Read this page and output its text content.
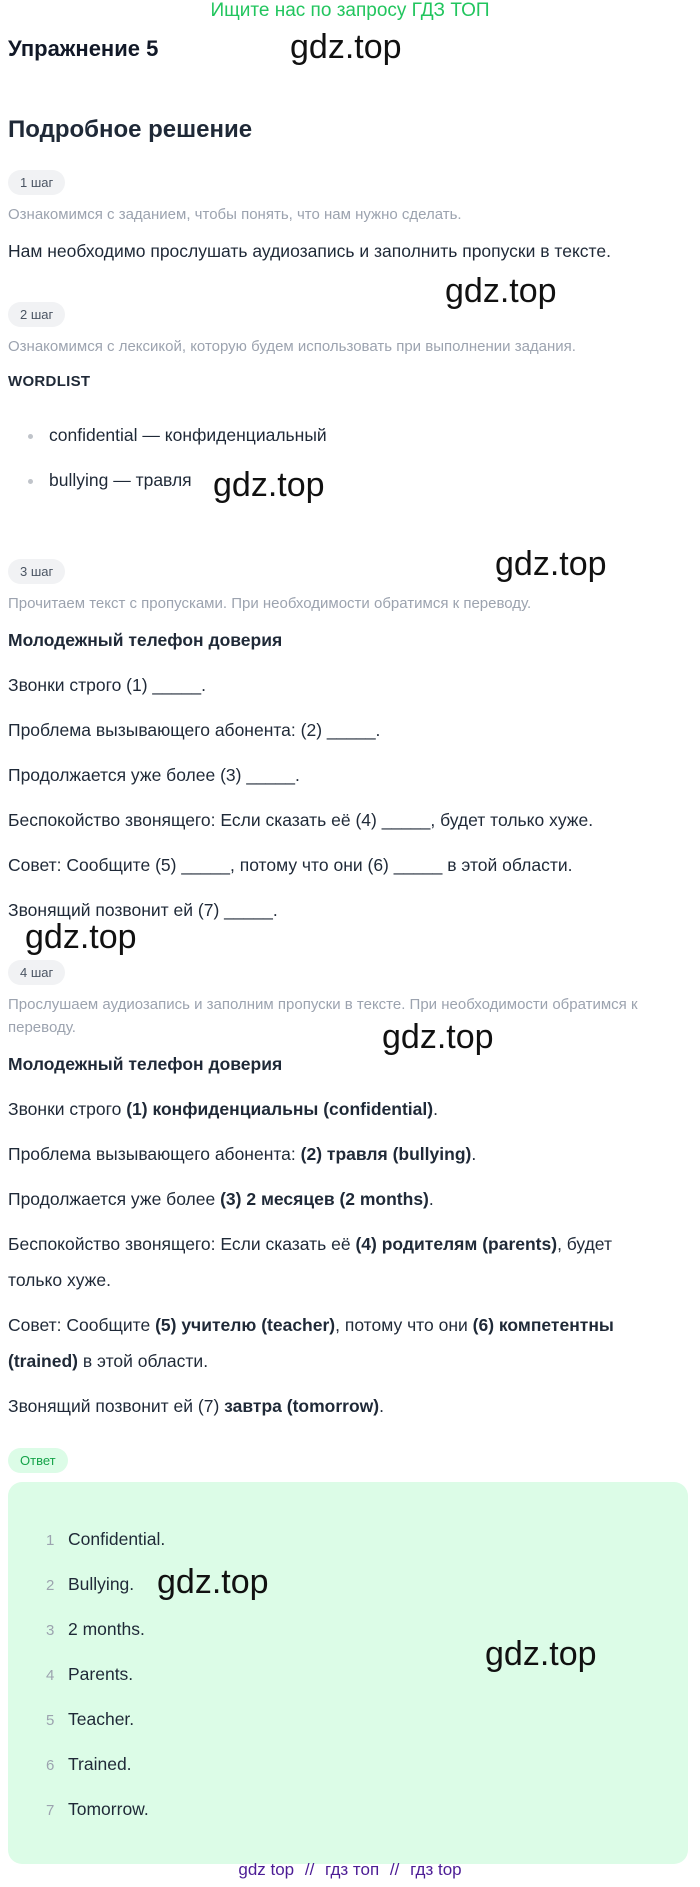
Ищите нас по запросу ГДЗ ТОП
Упражнение 5	gdz.top
Подробное решение
1 шаг
Ознакомимся с заданием, чтобы понять, что нам нужно сделать.
Нам необходимо прослушать аудиозапись и заполнить пропуски в тексте.
gdz.top
2 шаг
Ознакомимся с лексикой, которую будем использовать при выполнении задания.
WORDLIST
confidential — конфиденциальный
bullying — травля gdz.top
gdz.top
3 шаг
Прочитаем текст с пропусками. При необходимости обратимся к переводу.
Молодежный телефон доверия
Звонки строго (1) _____.
Проблема вызывающего абонента: (2) _____.
Продолжается уже более (3) _____.
Беспокойство звонящего: Если сказать её (4) _____, будет только хуже.
Совет: Сообщите (5) _____, потому что они (6) _____ в этой области.
Звонящий позвонит ей (7) _____.
gdz.top
4 шаг
Прослушаем аудиозапись и заполним пропуски в тексте. При необходимости обратимся к переводу.	gdz.top
Молодежный телефон доверия
Звонки строго (1) конфиденциальны (confidential).
Проблема вызывающего абонента: (2) травля (bullying).
Продолжается уже более (3) 2 месяцев (2 months).
Беспокойство звонящего: Если сказать её (4) родителям (parents), будет только хуже.
Совет: Сообщите (5) учителю (teacher), потому что они (6) компетентны (trained) в этой области.
Звонящий позвонит ей (7) завтра (tomorrow).
Ответ
1 Confidential.
2 Bullying.
3 2 months.
4 Parents.
5 Teacher.
6 Trained.
7 Tomorrow.
gdz.top
gdz.top
gdz top // гдз топ // гдз top
